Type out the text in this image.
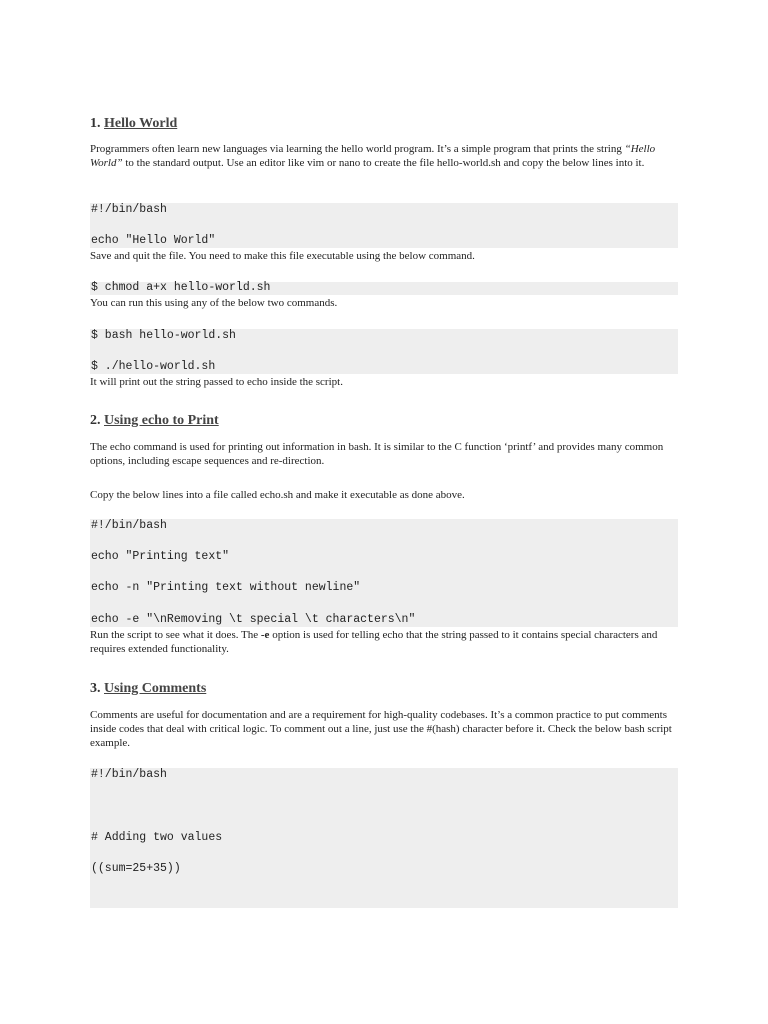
1. Hello World
Programmers often learn new languages via learning the hello world program. It’s a simple program that prints the string “Hello World” to the standard output. Use an editor like vim or nano to create the file hello-world.sh and copy the below lines into it.
#!/bin/bash
echo "Hello World"
Save and quit the file. You need to make this file executable using the below command.
$ chmod a+x hello-world.sh
You can run this using any of the below two commands.
$ bash hello-world.sh
$ ./hello-world.sh
It will print out the string passed to echo inside the script.
2. Using echo to Print
The echo command is used for printing out information in bash. It is similar to the C function ‘printf’ and provides many common options, including escape sequences and re-direction.
Copy the below lines into a file called echo.sh and make it executable as done above.
#!/bin/bash
echo "Printing text"
echo -n "Printing text without newline"
echo -e "\nRemoving \t special \t characters\n"
Run the script to see what it does. The -e option is used for telling echo that the string passed to it contains special characters and requires extended functionality.
3. Using Comments
Comments are useful for documentation and are a requirement for high-quality codebases. It’s a common practice to put comments inside codes that deal with critical logic. To comment out a line, just use the #(hash) character before it. Check the below bash script example.
#!/bin/bash
# Adding two values
((sum=25+35))
